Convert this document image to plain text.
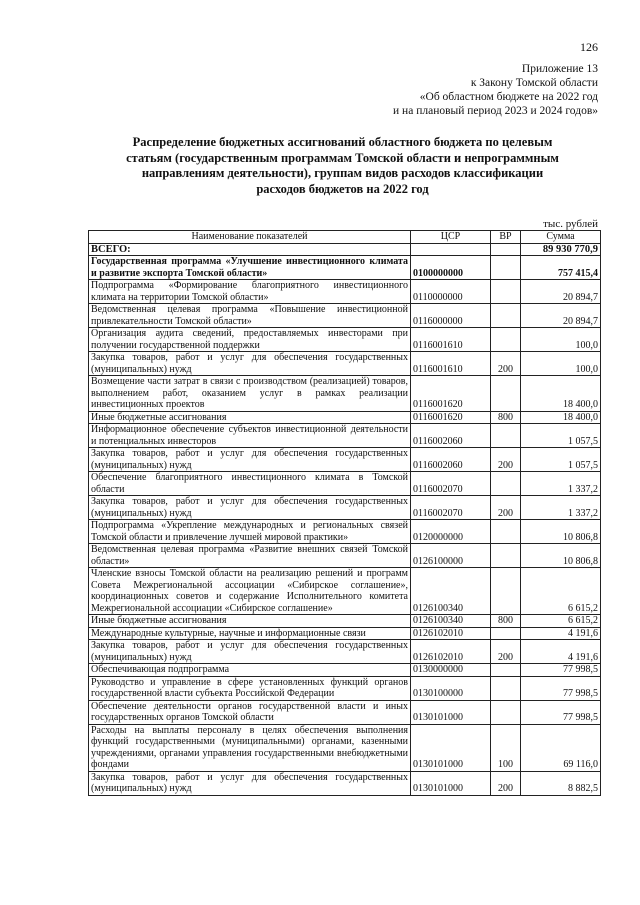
126
Приложение 13
к Закону Томской области
«Об областном бюджете на 2022 год
и на плановый период 2023 и 2024 годов»
Распределение бюджетных ассигнований областного бюджета по целевым
статьям (государственным программам Томской области и непрограммным
направлениям деятельности), группам видов расходов классификации
расходов бюджетов на 2022 год
тыс. рублей
Наименование показателей	ЦСР	ВР	Сумма
ВСЕГО:			89 930 770,9
Государственная программа «Улучшение инвестиционного климата и развитие экспорта Томской области»	0100000000		757 415,4
Подпрограмма «Формирование благоприятного инвестиционного климата на территории Томской области»	0110000000		20 894,7
Ведомственная целевая программа «Повышение инвестиционной привлекательности Томской области»	0116000000		20 894,7
Организация аудита сведений, предоставляемых инвесторами при получении государственной поддержки	0116001610		100,0
Закупка товаров, работ и услуг для обеспечения государственных (муниципальных) нужд	0116001610	200	100,0
Возмещение части затрат в связи с производством (реализацией) товаров, выполнением работ, оказанием услуг в рамках реализации инвестиционных проектов	0116001620		18 400,0
Иные бюджетные ассигнования	0116001620	800	18 400,0
Информационное обеспечение субъектов инвестиционной деятельности и потенциальных инвесторов	0116002060		1 057,5
Закупка товаров, работ и услуг для обеспечения государственных (муниципальных) нужд	0116002060	200	1 057,5
Обеспечение благоприятного инвестиционного климата в Томской области	0116002070		1 337,2
Закупка товаров, работ и услуг для обеспечения государственных (муниципальных) нужд	0116002070	200	1 337,2
Подпрограмма «Укрепление международных и региональных связей Томской области и привлечение лучшей мировой практики»	0120000000		10 806,8
Ведомственная целевая программа «Развитие внешних связей Томской области»	0126100000		10 806,8
Членские взносы Томской области на реализацию решений и программ Совета Межрегиональной ассоциации «Сибирское соглашение», координационных советов и содержание Исполнительного комитета Межрегиональной ассоциации «Сибирское соглашение»	0126100340		6 615,2
Иные бюджетные ассигнования	0126100340	800	6 615,2
Международные культурные, научные и информационные связи	0126102010		4 191,6
Закупка товаров, работ и услуг для обеспечения государственных (муниципальных) нужд	0126102010	200	4 191,6
Обеспечивающая подпрограмма	0130000000		77 998,5
Руководство и управление в сфере установленных функций органов государственной власти субъекта Российской Федерации	0130100000		77 998,5
Обеспечение деятельности органов государственной власти и иных государственных органов Томской области	0130101000		77 998,5
Расходы на выплаты персоналу в целях обеспечения выполнения функций государственными (муниципальными) органами, казенными учреждениями, органами управления государственными внебюджетными фондами	0130101000	100	69 116,0
Закупка товаров, работ и услуг для обеспечения государственных (муниципальных) нужд	0130101000	200	8 882,5
